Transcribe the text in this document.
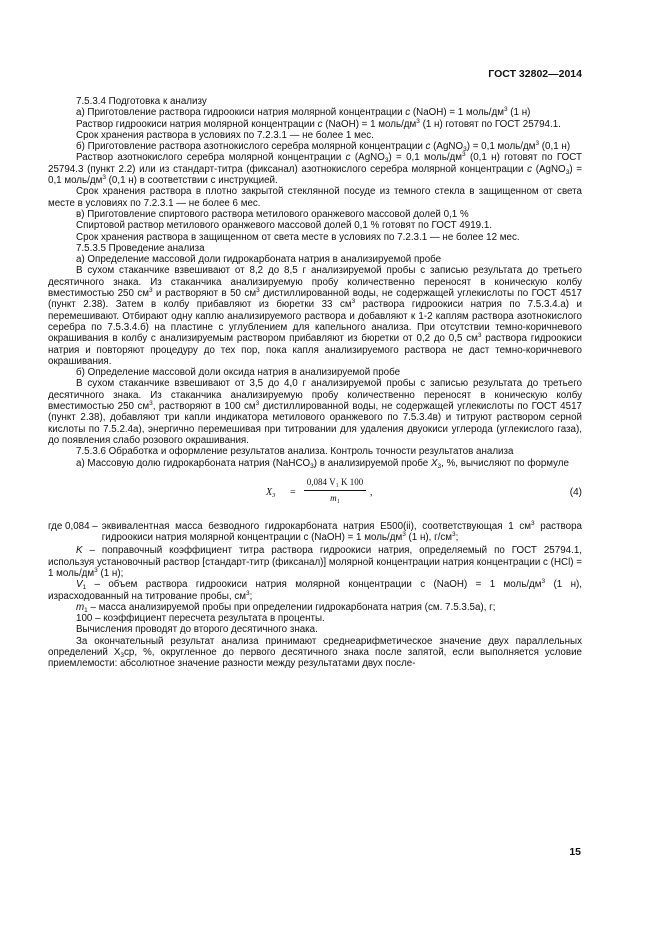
ГОСТ 32802—2014

7.5.3.4 Подготовка к анализу

а) Приготовление раствора гидроокиси натрия молярной концентрации с (NaOH) = 1 моль/$дм^3$ (1 н)

Раствор гидроокиси натрия молярной концентрации с (NaOH) = 1 моль/$дм^3$ (1 н) готовят по ГОСТ 25794.1.

Срок хранения раствора в условиях по 7.2.3.1 — не более 1 мес.

б) Приготовление раствора азотнокислого серебра молярной концентрации с (AgNO$_3$) = 0,1 моль/$дм^3$ (0,1 н)

Раствор азотнокислого серебра молярной концентрации с (AgNO$_3$) = 0,1 моль/$дм^3$ (0,1 н) готовят по ГОСТ 25794.3 (пункт 2.2) или из стандарт-титра (фиксанал) азотнокислого серебра молярной концентрации с (AgNO$_3$) = 0,1 моль/$дм^3$ (0,1 н) в соответствии с инструкцией.

Срок хранения раствора в плотно закрытой стеклянной посуде из темного стекла в защищенном от света месте в условиях по 7.2.3.1 — не более 6 мес.

в) Приготовление спиртового раствора метилового оранжевого массовой долей 0,1 %

Спиртовой раствор метилового оранжевого массовой долей 0,1 % готовят по ГОСТ 4919.1.

Срок хранения раствора в защищенном от света месте в условиях по 7.2.3.1 — не более 12 мес.

7.5.3.5 Проведение анализа

а) Определение массовой доли гидрокарбоната натрия в анализируемой пробе

В сухом стаканчике взвешивают от 8,2 до 8,5 г анализируемой пробы с записью результата до третьего десятичного знака. Из стаканчика анализируемую пробу количественно переносят в коническую колбу вместимостью 250 $см^3$ и растворяют в 50 $см^3$ дистиллированной воды, не содержащей углекислоты по ГОСТ 4517 (пункт 2.38). Затем в колбу прибавляют из бюретки 33 $см^3$ раствора гидроокиси натрия по 7.5.3.4.а) и перемешивают. Отбирают одну каплю анализируемого раствора и добавляют к 1-2 каплям раствора азотнокислого серебра по 7.5.3.4.б) на пластине с углублением для капельного анализа. При отсутствии темно-коричневого окрашивания в колбу с анализируемым раствором прибавляют из бюретки от 0,2 до 0,5 $см^3$ раствора гидроокиси натрия и повторяют процедуру до тех пор, пока капля анализируемого раствора не даст темно-коричневого окрашивания.

б) Определение массовой доли оксида натрия в анализируемой пробе

В сухом стаканчике взвешивают от 3,5 до 4,0 г анализируемой пробы с записью результата до третьего десятичного знака. Из стаканчика анализируемую пробу количественно переносят в коническую колбу вместимостью 250 $см^3$, растворяют в 100 $см^3$ дистиллированной воды, не содержащей углекислоты по ГОСТ 4517 (пункт 2.38), добавляют три капли индикатора метилового оранжевого по 7.5.3.4в) и титруют раствором серной кислоты по 7.5.2.4а), энергично перемешивая при титровании для удаления двуокиси углерода (углекислого газа), до появления слабо розового окрашивания.

7.5.3.6 Обработка и оформление результатов анализа. Контроль точности результатов анализа

а) Массовую долю гидрокарбоната натрия (NaHCO$_3$) в анализируемой пробе $Х_3$, %, вычисляют по формуле

$X_3 = \frac{\text{0,084 V₁ K 100}}{\text{m₁}}$ ,	(4)
где 0,084 – эквивалентная масса безводного гидрокарбоната натрия Е500(ii), соответствующая 1 $см^3$ раствора гидроокиси натрия молярной концентрации с (NaOH) = 1 моль/$дм^3$ (1 н), $г/см^3$;

K – поправочный коэффициент титра раствора гидроокиси натрия, определяемый по ГОСТ 25794.1, используя установочный раствор [стандарт-титр (фиксанал)] молярной концентрации натрия концентрации с (HCl) = 1 моль/$дм^3$ (1 н);

$V_1$ – объем раствора гидроокиси натрия молярной концентрации с (NaOH) = 1 моль/$дм^3$ (1 н), израсходованный на титрование пробы, $см^3$;

$m_1$ – масса анализируемой пробы при определении гидрокарбоната натрия (см. 7.5.3.5а), г;

100 – коэффициент пересчета результата в проценты.

Вычисления проводят до второго десятичного знака.

За окончательный результат анализа принимают среднеарифметическое значение двух параллельных определений $Х_3ср$, %, округленное до первого десятичного знака после запятой, если выполняется условие приемлемости: абсолютное значение разности между результатами двух после-

15
